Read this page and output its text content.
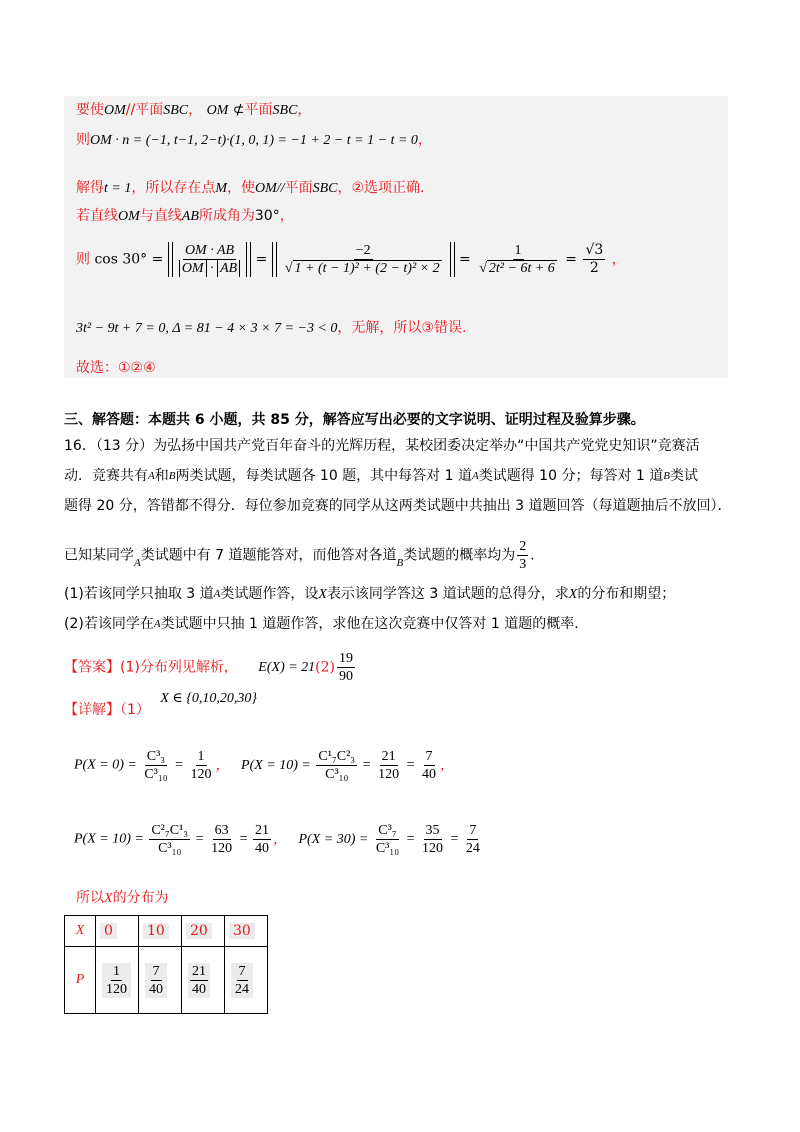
要使OM//平面SBC， OM ⊄平面SBC，
则OM · n = (−1, t−1, 2−t)·(1, 0, 1) = −1 + 2 − t = 1 − t = 0，
解得t = 1，所以存在点M，使OM//平面SBC，②选项正确.
若直线OM与直线AB所成角为30°，
则 $\cos 30^\circ = \frac{OM \cdot AB}{OM \cdot AB} = \frac{-2}{\text{√ 1 + (t − 1)² + (2 − t)² × 2}} = \frac{1}{\text{√ 2t² − 6t + 6}} = \frac{√3}{2}$ ，
3t² − 9t + 7 = 0, Δ = 81 − 4 × 3 × 7 = −3 < 0，无解，所以③错误.
故选：①②④
三、解答题：本题共 6 小题，共 85 分，解答应写出必要的文字说明、证明过程及验算步骤。
16．（13 分）为弘扬中国共产党百年奋斗的光辉历程，某校团委决定举办“中国共产党党史知识”竞赛活
动．竞赛共有$^A$和$^B$两类试题，每类试题各 10 题，其中每答对 1 道$^A$类试题得 10 分；每答对 1 道$^B$类试
题得 20 分，答错都不得分．每位参加竞赛的同学从这两类试题中共抽出 3 道题回答（每道题抽后不放回）．
已知某同学A类试题中有 7 道题能答对，而他答对各道B类试题的概率均为 $\frac{2}{3}$ .
(1)若该同学只抽取 3 道$^A$类试题作答，设X表示该同学答这 3 道试题的总得分，求X的分布和期望；
(2)若该同学在$^A$类试题中只抽 1 道题作答，求他在这次竞赛中仅答对 1 道题的概率.
【答案】(1)分布列见解析， $E(X) = 21(2) \frac{19}{90}$
【详解】（1） X ∈ {0,10,20,30}
$P(X = 0) = \frac{\text{C³₃}}{\text{C³₁₀}} = \frac{1}{120}$ ， $P(X = 10) = \frac{\text{C¹₇C²₃}}{\text{C³₁₀}} = \frac{21}{120} = \frac{7}{40}$ ，
$P(X = 10) = \frac{\text{C²₇C¹₃}}{\text{C³₁₀}} = \frac{63}{120} = \frac{21}{40}$ ， $P(X = 30) = \frac{\text{C³₇}}{\text{C³₁₀}} = \frac{35}{120} = \frac{7}{24}$
所以X的分布为
X	0	10	20	30
P	$\frac{1}{120}$	$\frac{7}{40}$	$\frac{21}{40}$	$\frac{7}{24}$
